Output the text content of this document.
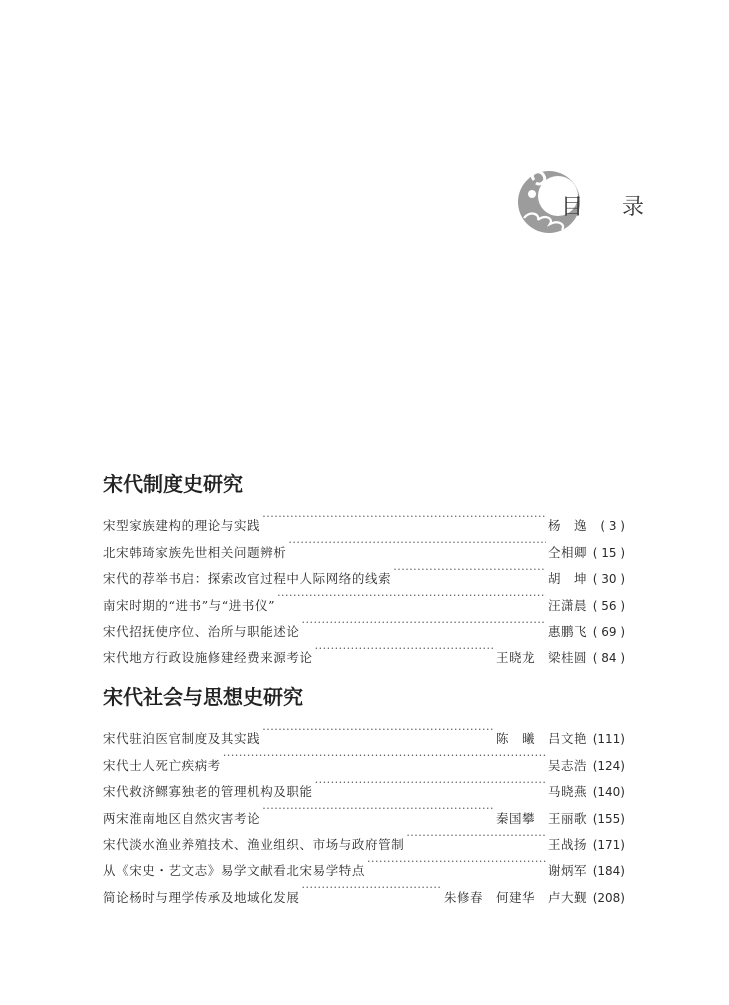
目 录
宋代制度史研究
宋型家族建构的理论与实践 ·····	杨　逸	( 3 )
北宋韩琦家族先世相关问题辨析 ·····	仝相卿 ( 15 )
宋代的荐举书启：探索改官过程中人际网络的线索 ·····	胡　坤 ( 30 )
南宋时期的“进书”与“进书仪” ·····	汪潇晨 ( 56 )
宋代招抚使序位、治所与职能述论 ·····	惠鹏飞 ( 69 )
宋代地方行政设施修建经费来源考论 ·····	王晓龙　梁桂圆 ( 84 )
宋代社会与思想史研究
宋代驻泊医官制度及其实践 ·····	陈　曦　吕文艳 (111)
宋代士人死亡疾病考 ·····	吴志浩 (124)
宋代救济鳏寡独老的管理机构及职能 ·····	马晓燕 (140)
两宋淮南地区自然灾害考论 ·····	秦国攀　王丽歌 (155)
宋代淡水渔业养殖技术、渔业组织、市场与政府管制 ·····	王战扬 (171)
从《宋史・艺文志》易学文献看北宋易学特点 ·····	谢炳军 (184)
简论杨时与理学传承及地域化发展 ·····	朱修春　何建华　卢大觐 (208)
